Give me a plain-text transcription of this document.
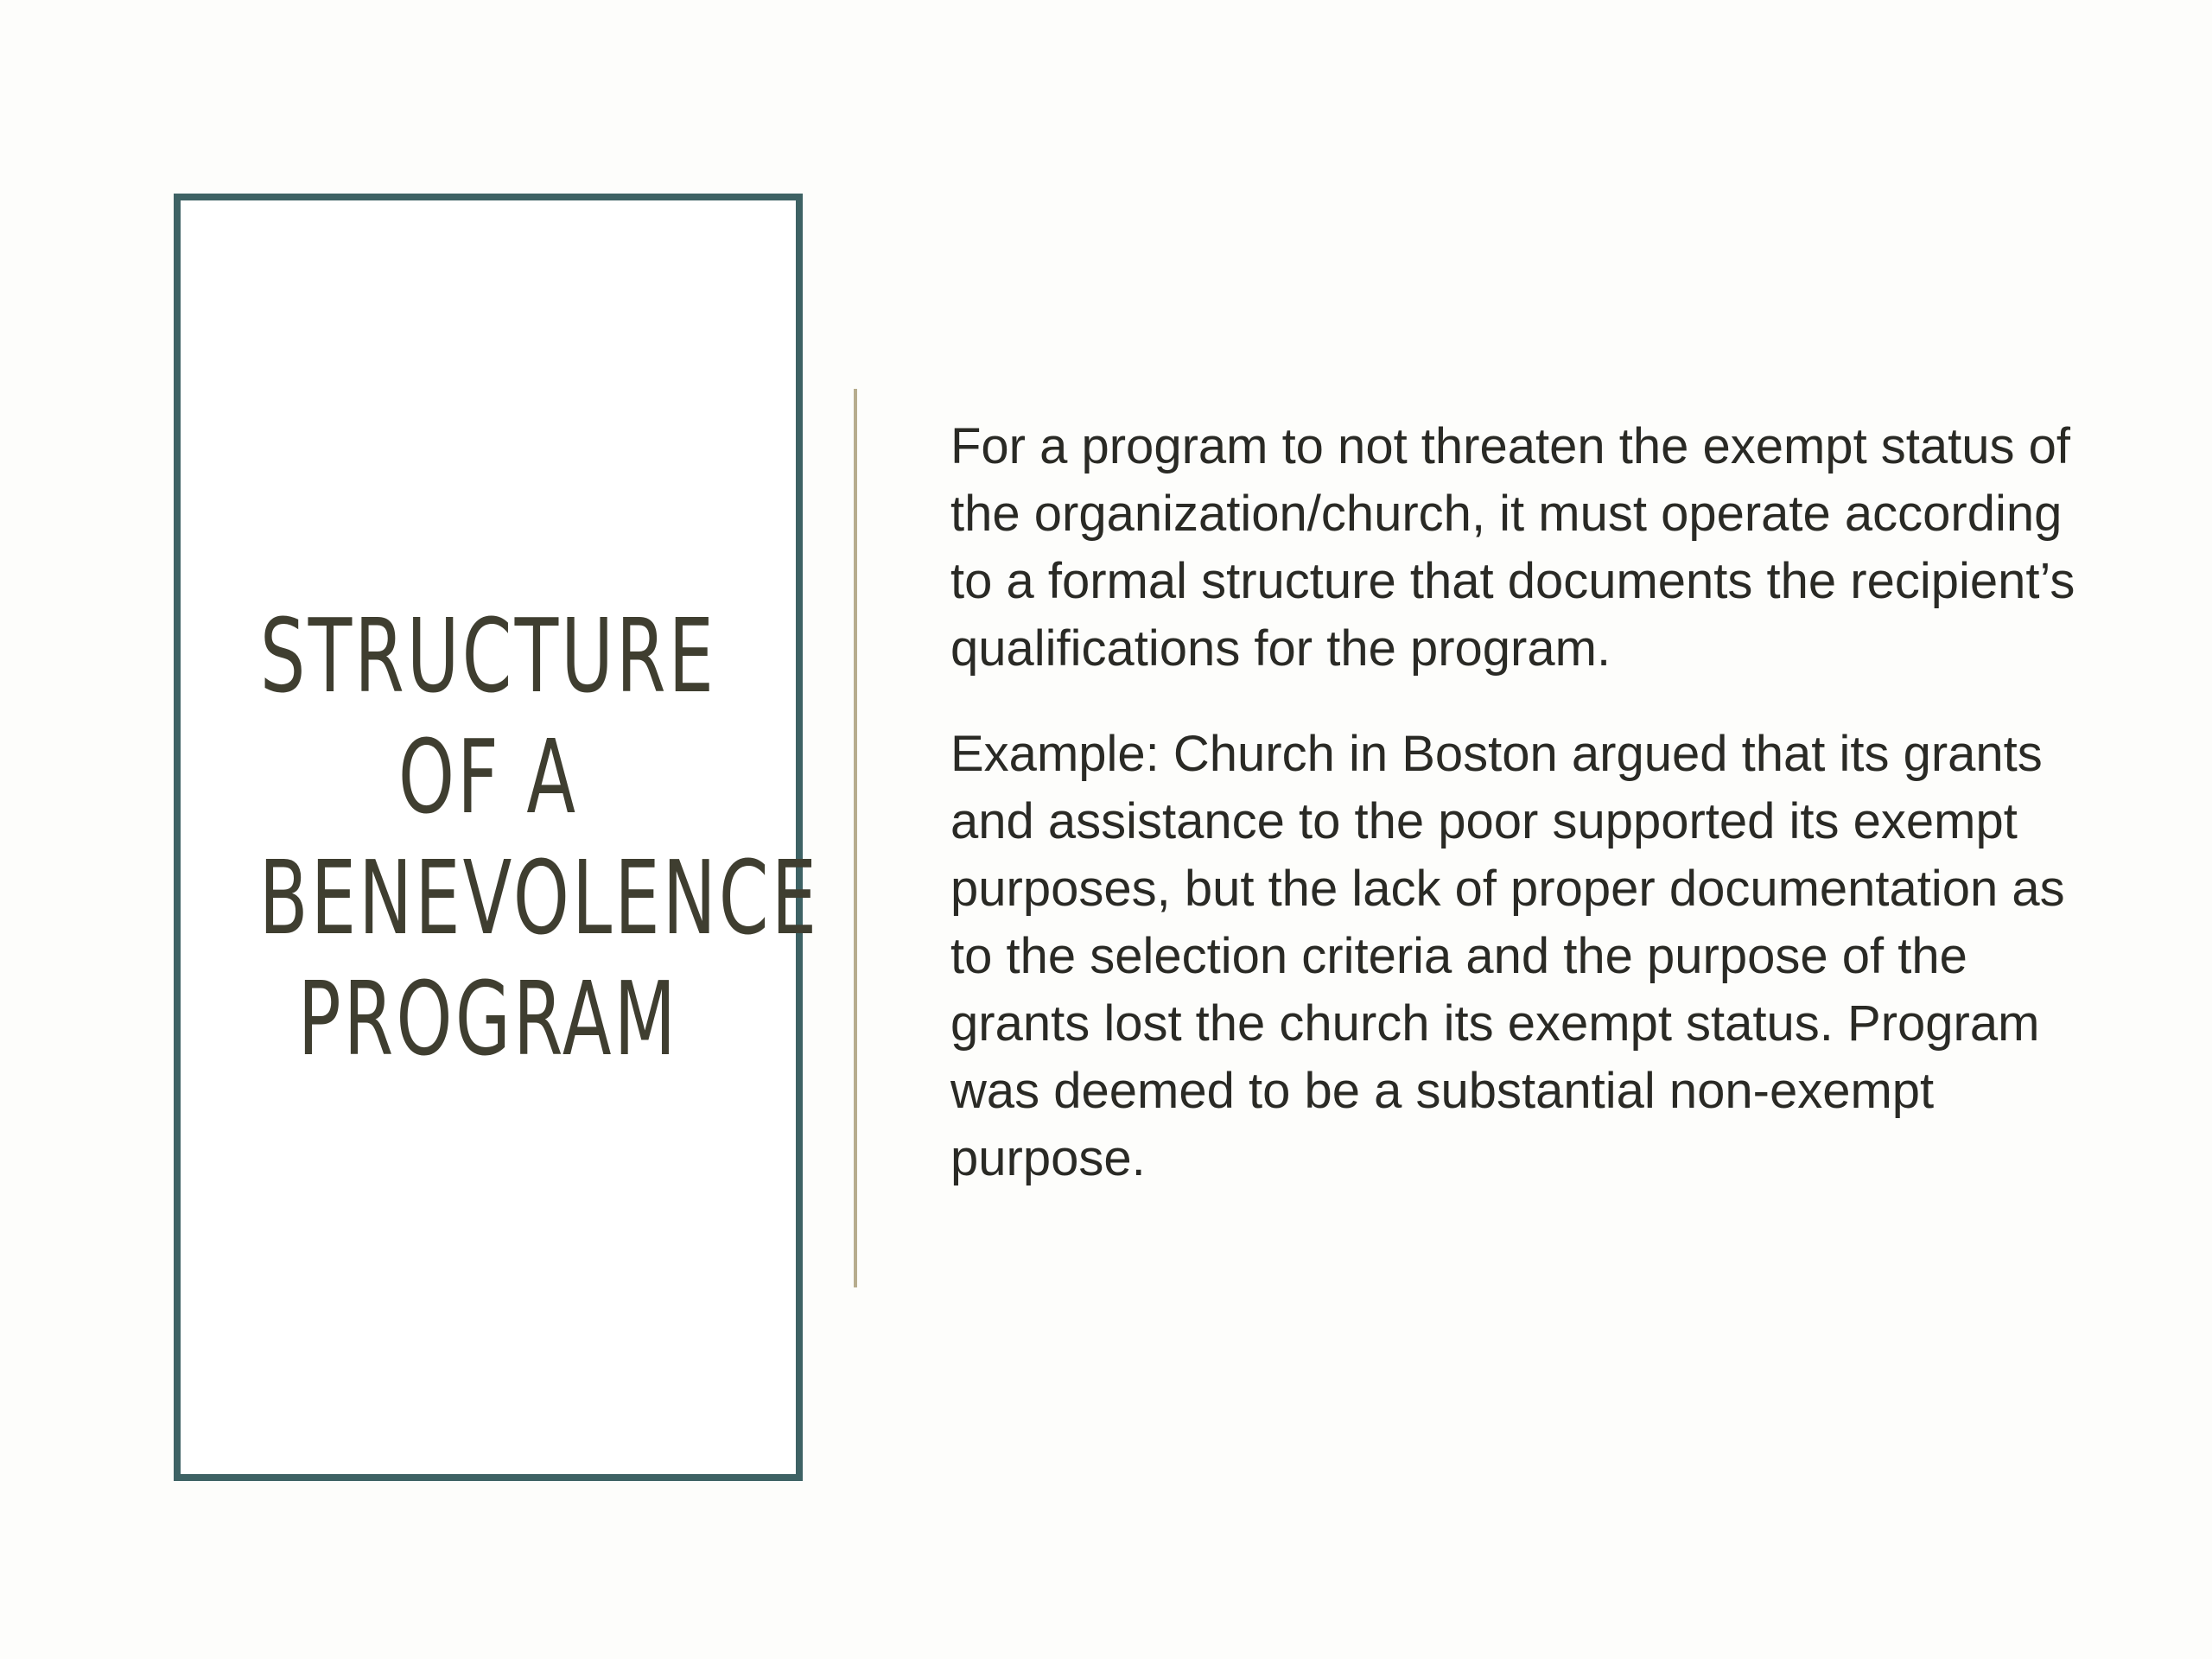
STRUCTURE OF A BENEVOLENCE PROGRAM

For a program to not threaten the exempt status of the organization/church, it must operate according to a formal structure that documents the recipient’s qualifications for the program.

Example: Church in Boston argued that its grants and assistance to the poor supported its exempt purposes, but the lack of proper documentation as to the selection criteria and the purpose of the grants lost the church its exempt status. Program was deemed to be a substantial non-exempt purpose.
